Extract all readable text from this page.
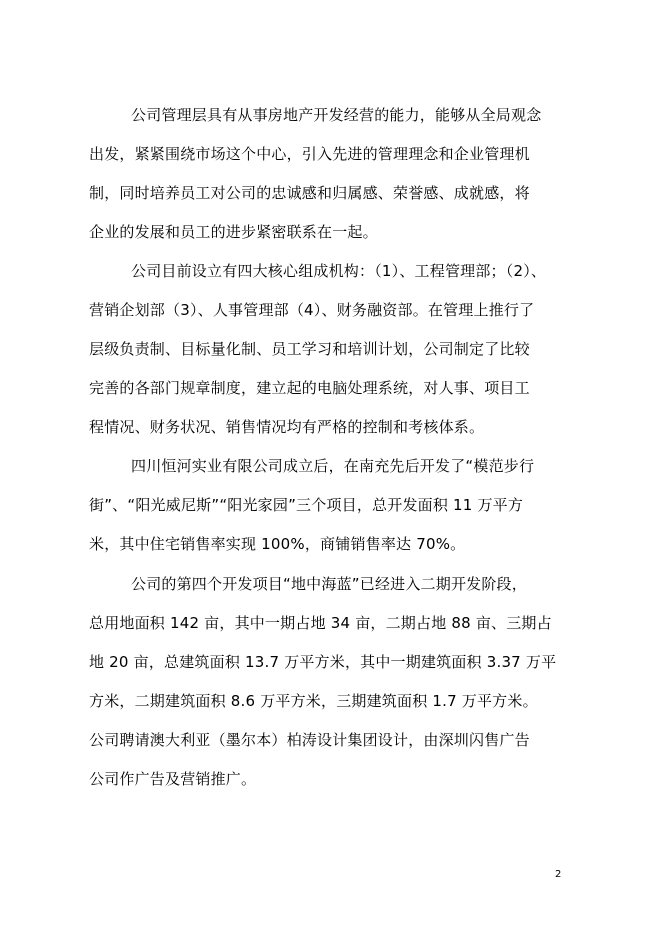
公司管理层具有从事房地产开发经营的能力，能够从全局观念
出发，紧紧围绕市场这个中心，引入先进的管理理念和企业管理机
制，同时培养员工对公司的忠诚感和归属感、荣誉感、成就感，将
企业的发展和员工的进步紧密联系在一起。
公司目前设立有四大核心组成机构：（1）、工程管理部；（2）、
营销企划部（3）、人事管理部（4）、财务融资部。在管理上推行了
层级负责制、目标量化制、员工学习和培训计划，公司制定了比较
完善的各部门规章制度，建立起的电脑处理系统，对人事、项目工
程情况、财务状况、销售情况均有严格的控制和考核体系。
四川恒河实业有限公司成立后，在南充先后开发了“模范步行
街”、“阳光威尼斯”“阳光家园”三个项目，总开发面积 11 万平方
米，其中住宅销售率实现 100%，商铺销售率达 70%。
公司的第四个开发项目“地中海蓝”已经进入二期开发阶段，
总用地面积 142 亩，其中一期占地 34 亩，二期占地 88 亩、三期占
地 20 亩，总建筑面积 13.7 万平方米，其中一期建筑面积 3.37 万平
方米，二期建筑面积 8.6 万平方米，三期建筑面积 1.7 万平方米。
公司聘请澳大利亚（墨尔本）柏涛设计集团设计，由深圳闪售广告
公司作广告及营销推广。
2
